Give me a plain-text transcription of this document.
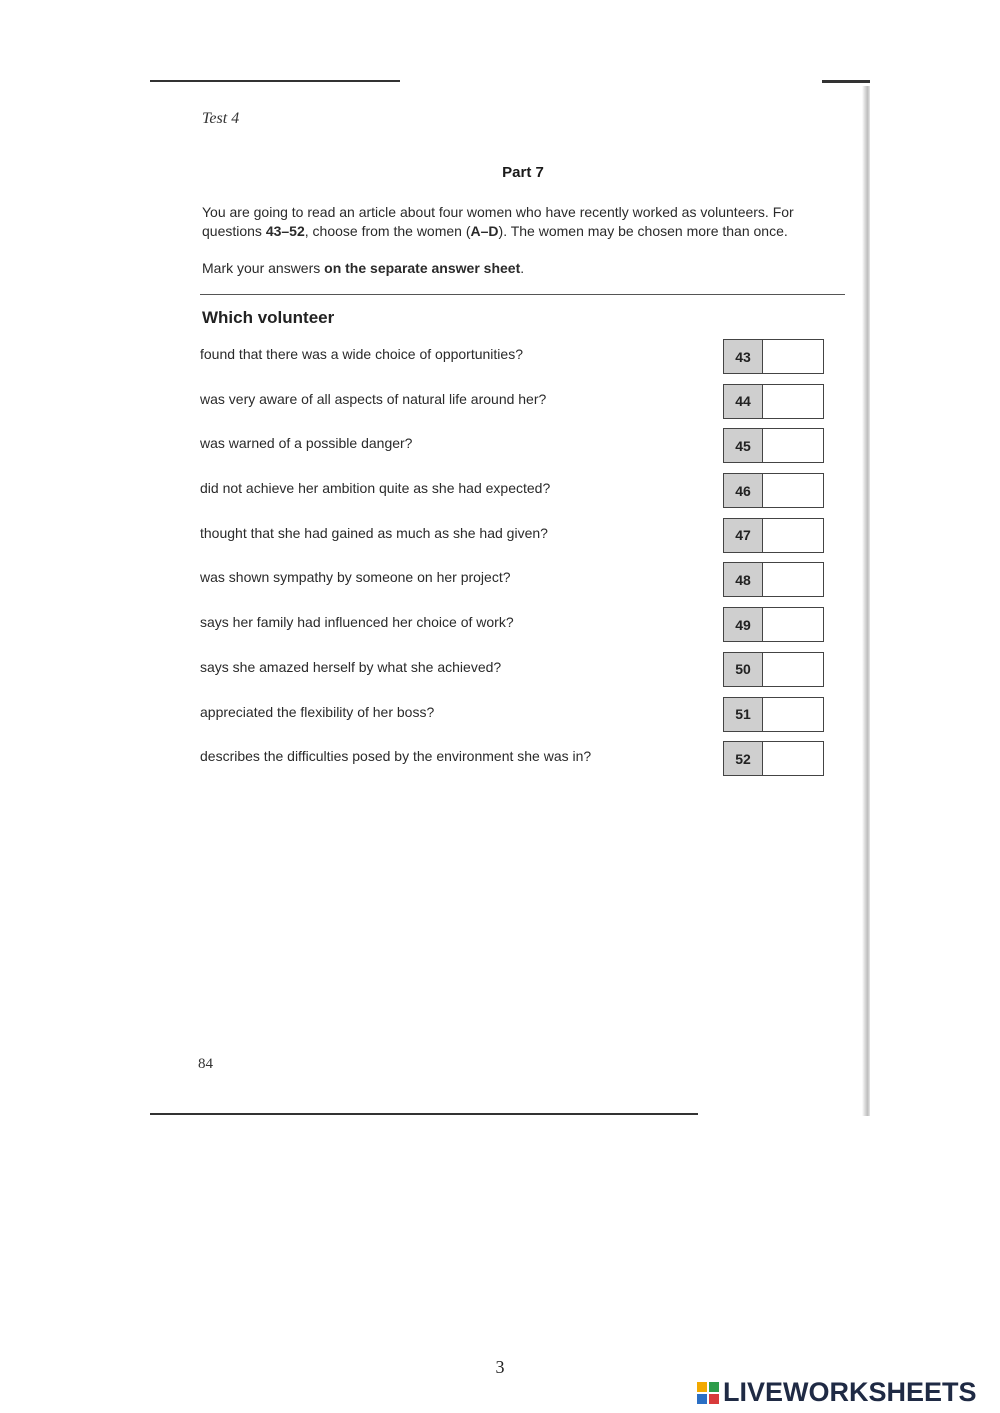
Test 4
Part 7
You are going to read an article about four women who have recently worked as volunteers. For questions 43–52, choose from the women (A–D). The women may be chosen more than once.
Mark your answers on the separate answer sheet.
Which volunteer
found that there was a wide choice of opportunities?	43
was very aware of all aspects of natural life around her?	44
was warned of a possible danger?	45
did not achieve her ambition quite as she had expected?	46
thought that she had gained as much as she had given?	47
was shown sympathy by someone on her project?	48
says her family had influenced her choice of work?	49
says she amazed herself by what she achieved?	50
appreciated the flexibility of her boss?	51
describes the difficulties posed by the environment she was in?	52
84
3
LIVEWORKSHEETS
